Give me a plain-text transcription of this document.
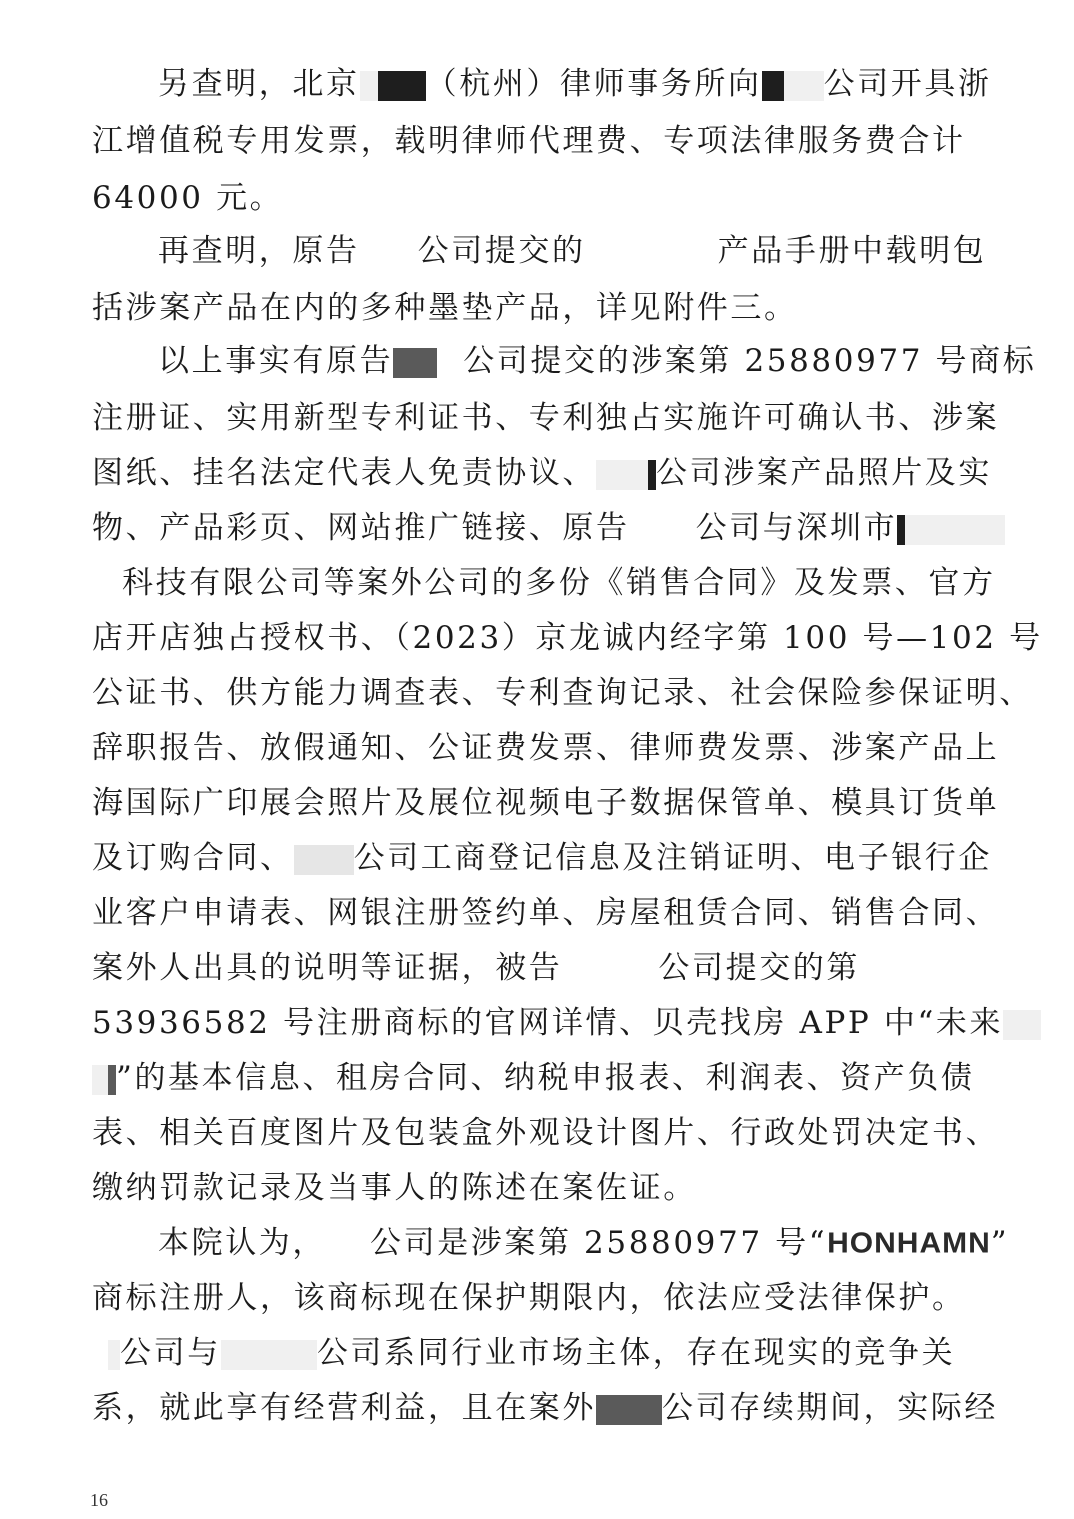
另查明，北京 （杭州）律师事务所向 公司开具浙
江增值税专用发票，载明律师代理费、专项法律服务费合计
64000 元。
再查明，原告 公司提交的	产品手册中载明包
括涉案产品在内的多种墨垫产品，详见附件三。
以上事实有原告 公司提交的涉案第 25880977 号商标
注册证、实用新型专利证书、专利独占实施许可确认书、涉案
图纸、挂名法定代表人免责协议、 公司涉案产品照片及实
物、产品彩页、网站推广链接、原告 公司与深圳市
科技有限公司等案外公司的多份《销售合同》及发票、官方
店开店独占授权书、（2023）京龙诚内经字第 100 号—102 号
公证书、供方能力调查表、专利查询记录、社会保险参保证明、
辞职报告、放假通知、公证费发票、律师费发票、涉案产品上
海国际广印展会照片及展位视频电子数据保管单、模具订货单
及订购合同、 公司工商登记信息及注销证明、电子银行企
业客户申请表、网银注册签约单、房屋租赁合同、销售合同、
案外人出具的说明等证据，被告	公司提交的第
53936582 号注册商标的官网详情、贝壳找房 APP 中“未来
”的基本信息、租房合同、纳税申报表、利润表、资产负债
表、相关百度图片及包装盒外观设计图片、行政处罚决定书、
缴纳罚款记录及当事人的陈述在案佐证。
本院认为， 公司是涉案第 25880977 号“HONHAMN”
商标注册人，该商标现在保护期限内，依法应受法律保护。
公司与	公司系同行业市场主体，存在现实的竞争关
系，就此享有经营利益，且在案外 公司存续期间，实际经
16
